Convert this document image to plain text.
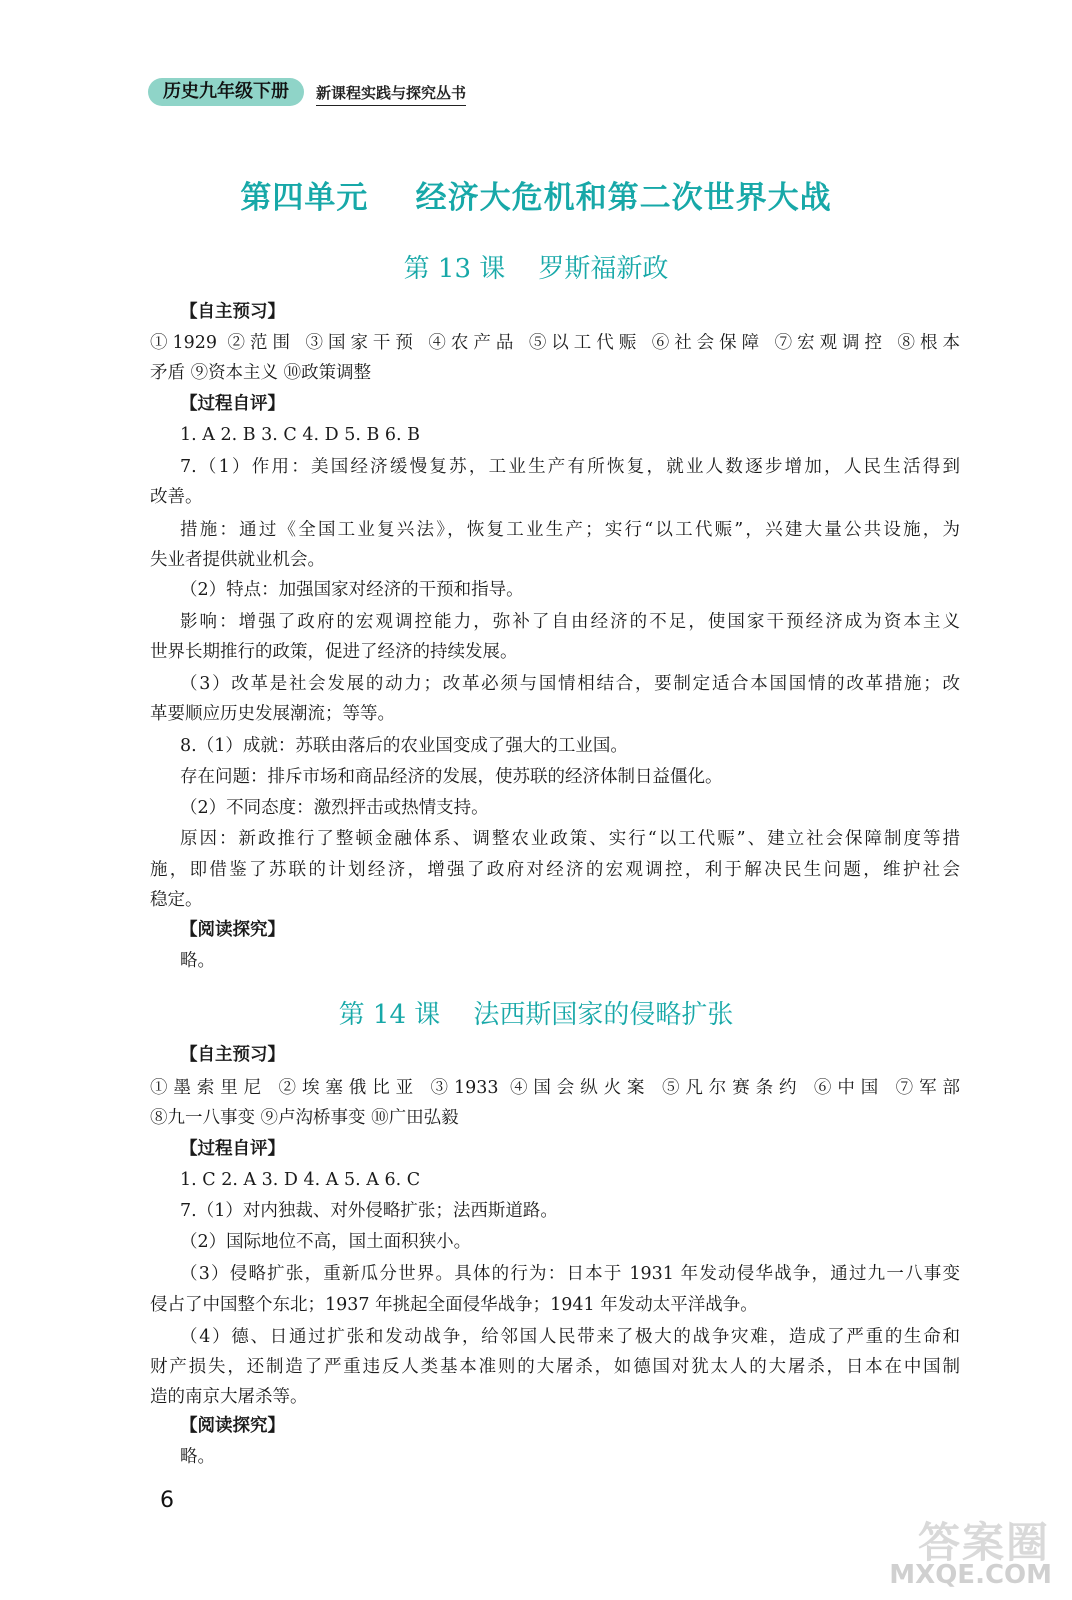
历史九年级下册	新课程实践与探究丛书
第四单元    经济大危机和第二次世界大战
第 13 课    罗斯福新政
【自主预习】
①1929 ②范围 ③国家干预 ④农产品 ⑤以工代赈 ⑥社会保障 ⑦宏观调控 ⑧根本
矛盾 ⑨资本主义 ⑩政策调整
【过程自评】
1. A 2. B 3. C 4. D 5. B 6. B
7.（1）作用：美国经济缓慢复苏，工业生产有所恢复，就业人数逐步增加，人民生活得到
改善。
措施：通过《全国工业复兴法》，恢复工业生产；实行“以工代赈”，兴建大量公共设施，为
失业者提供就业机会。
（2）特点：加强国家对经济的干预和指导。
影响：增强了政府的宏观调控能力，弥补了自由经济的不足，使国家干预经济成为资本主义
世界长期推行的政策，促进了经济的持续发展。
（3）改革是社会发展的动力；改革必须与国情相结合，要制定适合本国国情的改革措施；改
革要顺应历史发展潮流；等等。
8.（1）成就：苏联由落后的农业国变成了强大的工业国。
存在问题：排斥市场和商品经济的发展，使苏联的经济体制日益僵化。
（2）不同态度：激烈抨击或热情支持。
原因：新政推行了整顿金融体系、调整农业政策、实行“以工代赈”、建立社会保障制度等措
施，即借鉴了苏联的计划经济，增强了政府对经济的宏观调控，利于解决民生问题，维护社会
稳定。
【阅读探究】
略。
第 14 课    法西斯国家的侵略扩张
【自主预习】
①墨索里尼 ②埃塞俄比亚 ③1933 ④国会纵火案 ⑤凡尔赛条约 ⑥中国 ⑦军部
⑧九一八事变 ⑨卢沟桥事变 ⑩广田弘毅
【过程自评】
1. C 2. A 3. D 4. A 5. A 6. C
7.（1）对内独裁、对外侵略扩张；法西斯道路。
（2）国际地位不高，国土面积狭小。
（3）侵略扩张，重新瓜分世界。具体的行为：日本于 1931 年发动侵华战争，通过九一八事变
侵占了中国整个东北；1937 年挑起全面侵华战争；1941 年发动太平洋战争。
（4）德、日通过扩张和发动战争，给邻国人民带来了极大的战争灾难，造成了严重的生命和
财产损失，还制造了严重违反人类基本准则的大屠杀，如德国对犹太人的大屠杀，日本在中国制
造的南京大屠杀等。
【阅读探究】
略。
6
答案圈
MXQE.COM
